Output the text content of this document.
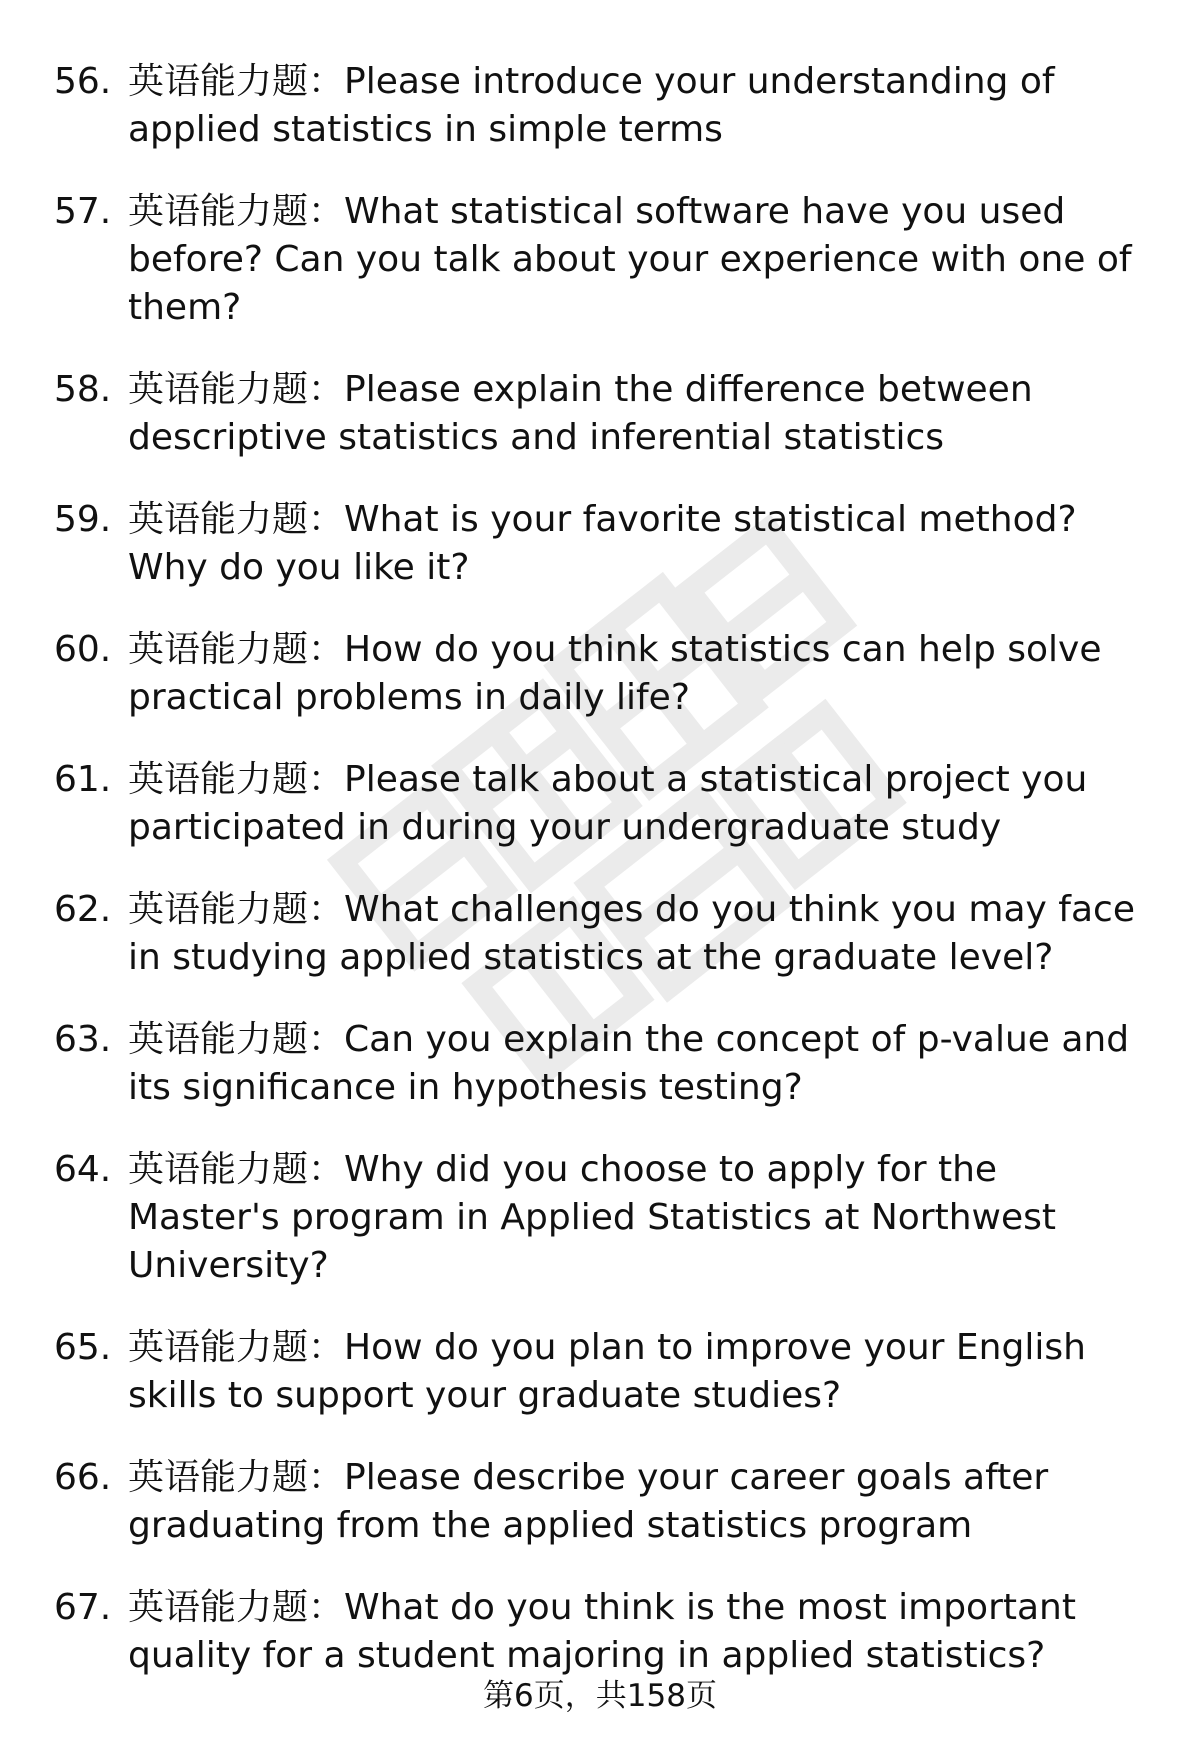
56. 英语能力题：Please introduce your understanding of applied statistics in simple terms
57. 英语能力题：What statistical software have you used before? Can you talk about your experience with one of them?
58. 英语能力题：Please explain the difference between descriptive statistics and inferential statistics
59. 英语能力题：What is your favorite statistical method? Why do you like it?
60. 英语能力题：How do you think statistics can help solve practical problems in daily life?
61. 英语能力题：Please talk about a statistical project you participated in during your undergraduate study
62. 英语能力题：What challenges do you think you may face in studying applied statistics at the graduate level?
63. 英语能力题：Can you explain the concept of p-value and its significance in hypothesis testing?
64. 英语能力题：Why did you choose to apply for the Master's program in Applied Statistics at Northwest University?
65. 英语能力题：How do you plan to improve your English skills to support your graduate studies?
66. 英语能力题：Please describe your career goals after graduating from the applied statistics program
67. 英语能力题：What do you think is the most important quality for a student majoring in applied statistics?
第6页，共158页
